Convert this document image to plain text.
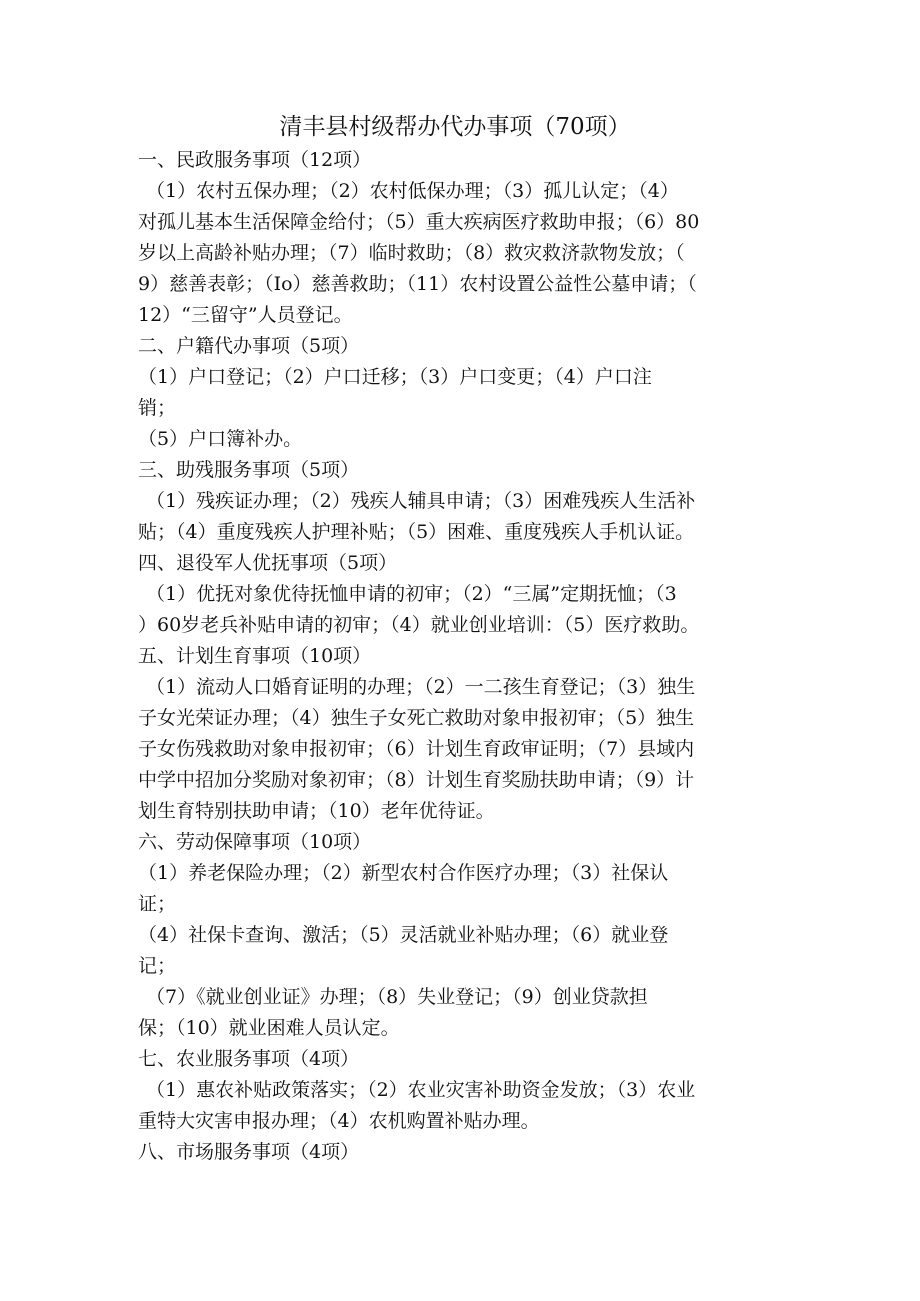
清丰县村级帮办代办事项（70项）
一、民政服务事项（12项）
（1）农村五保办理；（2）农村低保办理；（3）孤儿认定；（4）
对孤儿基本生活保障金给付；（5）重大疾病医疗救助申报；（6）80
岁以上高龄补贴办理；（7）临时救助；（8）救灾救济款物发放；（
9）慈善表彰；（Io）慈善救助；（11）农村设置公益性公墓申请；（
12）“三留守”人员登记。
二、户籍代办事项（5项）
（1）户口登记；（2）户口迁移；（3）户口变更；（4）户口注
销；
（5）户口簿补办。
三、助残服务事项（5项）
（1）残疾证办理；（2）残疾人辅具申请；（3）困难残疾人生活补
贴；（4）重度残疾人护理补贴；（5）困难、重度残疾人手机认证。
四、退役军人优抚事项（5项）
（1）优抚对象优待抚恤申请的初审；（2）“三属”定期抚恤；（3
）60岁老兵补贴申请的初审；（4）就业创业培训：（5）医疗救助。
五、计划生育事项（10项）
（1）流动人口婚育证明的办理；（2）一二孩生育登记；（3）独生
子女光荣证办理；（4）独生子女死亡救助对象申报初审；（5）独生
子女伤残救助对象申报初审；（6）计划生育政审证明；（7）县域内
中学中招加分奖励对象初审；（8）计划生育奖励扶助申请；（9）计
划生育特别扶助申请；（10）老年优待证。
六、劳动保障事项（10项）
（1）养老保险办理；（2）新型农村合作医疗办理；（3）社保认
证；
（4）社保卡查询、激活；（5）灵活就业补贴办理；（6）就业登
记；
（7）《就业创业证》办理；（8）失业登记；（9）创业贷款担
保；（10）就业困难人员认定。
七、农业服务事项（4项）
（1）惠农补贴政策落实；（2）农业灾害补助资金发放；（3）农业
重特大灾害申报办理；（4）农机购置补贴办理。
八、市场服务事项（4项）
